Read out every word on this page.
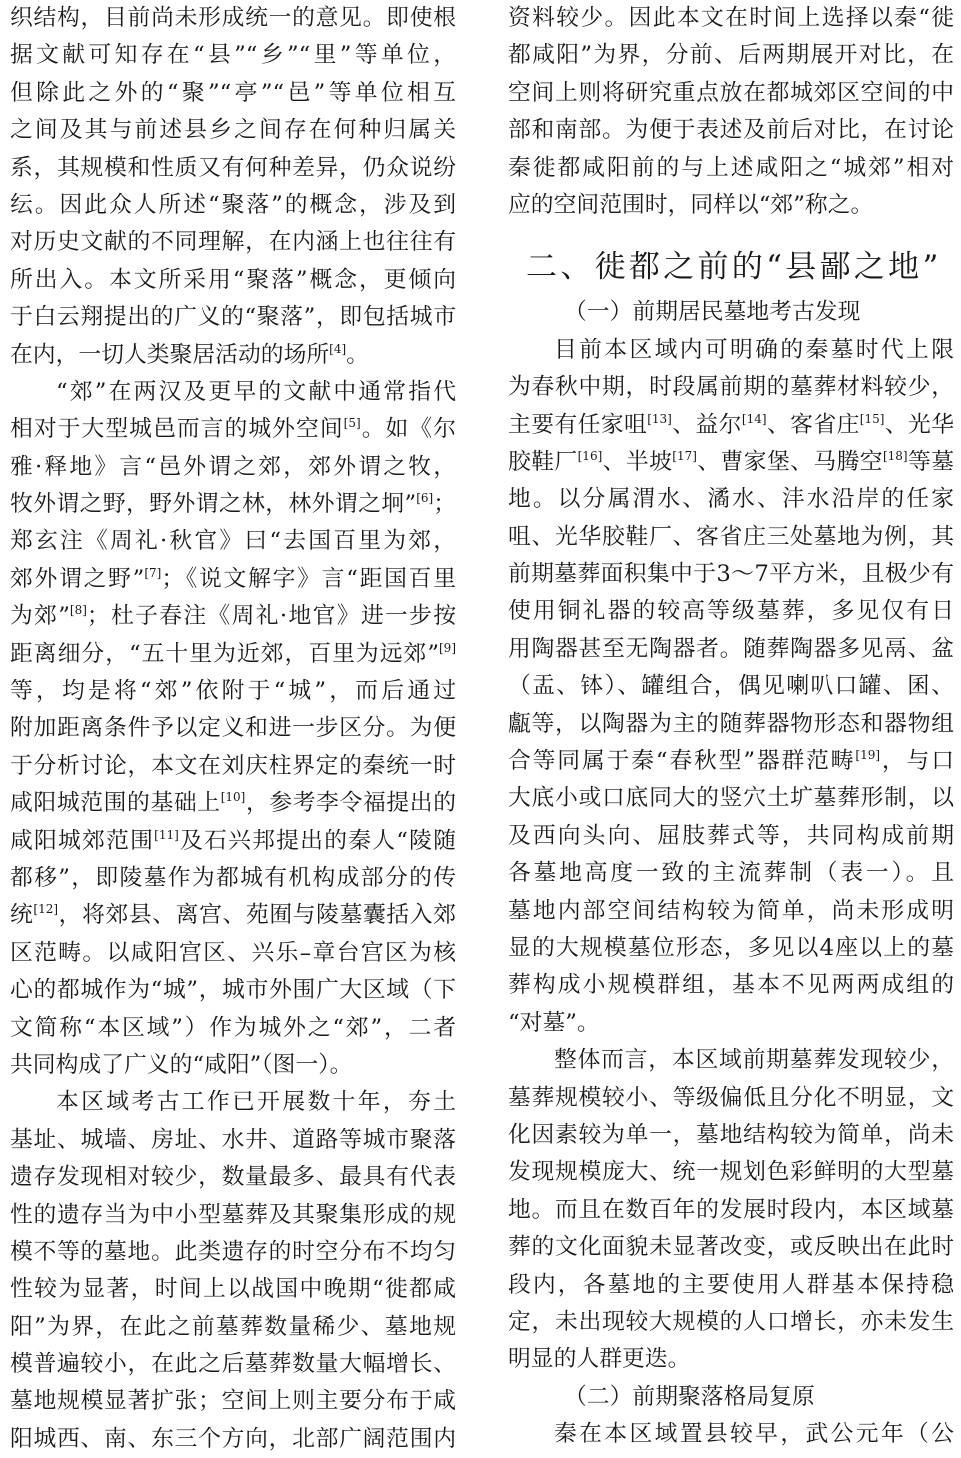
织结构，目前尚未形成统一的意见。即使根
据文献可知存在“县”“乡”“里”等单位，
但除此之外的“聚”“亭”“邑”等单位相互
之间及其与前述县乡之间存在何种归属关
系，其规模和性质又有何种差异，仍众说纷
纭。因此众人所述“聚落”的概念，涉及到
对历史文献的不同理解，在内涵上也往往有
所出入。本文所采用“聚落”概念，更倾向
于白云翔提出的广义的“聚落”，即包括城市
在内，一切人类聚居活动的场所[4]。
“郊”在两汉及更早的文献中通常指代
相对于大型城邑而言的城外空间[5]。如《尔
雅·释地》言“邑外谓之郊，郊外谓之牧，
牧外谓之野，野外谓之林，林外谓之坰”[6]；
郑玄注《周礼·秋官》曰“去国百里为郊，
郊外谓之野”[7]；《说文解字》言“距国百里
为郊”[8]；杜子春注《周礼·地官》进一步按
距离细分，“五十里为近郊，百里为远郊”[9]
等，均是将“郊”依附于“城”，而后通过
附加距离条件予以定义和进一步区分。为便
于分析讨论，本文在刘庆柱界定的秦统一时
咸阳城范围的基础上[10]，参考李令福提出的
咸阳城郊范围[11]及石兴邦提出的秦人“陵随
都移”，即陵墓作为都城有机构成部分的传
统[12]，将郊县、离宫、苑囿与陵墓囊括入郊
区范畴。以咸阳宫区、兴乐–章台宫区为核
心的都城作为“城”，城市外围广大区域（下
文简称“本区域”）作为城外之“郊”，二者
共同构成了广义的“咸阳”（图一）。
本区域考古工作已开展数十年，夯土
基址、城墙、房址、水井、道路等城市聚落
遗存发现相对较少，数量最多、最具有代表
性的遗存当为中小型墓葬及其聚集形成的规
模不等的墓地。此类遗存的时空分布不均匀
性较为显著，时间上以战国中晚期“徙都咸
阳”为界，在此之前墓葬数量稀少、墓地规
模普遍较小，在此之后墓葬数量大幅增长、
墓地规模显著扩张；空间上则主要分布于咸
阳城西、南、东三个方向，北部广阔范围内
资料较少。因此本文在时间上选择以秦“徙
都咸阳”为界，分前、后两期展开对比，在
空间上则将研究重点放在都城郊区空间的中
部和南部。为便于表述及前后对比，在讨论
秦徙都咸阳前的与上述咸阳之“城郊”相对
应的空间范围时，同样以“郊”称之。
二、徙都之前的“县鄙之地”
（一）前期居民墓地考古发现
目前本区域内可明确的秦墓时代上限
为春秋中期，时段属前期的墓葬材料较少，
主要有任家咀[13]、益尔[14]、客省庄[15]、光华
胶鞋厂[16]、半坡[17]、曹家堡、马腾空[18]等墓
地。以分属渭水、潏水、沣水沿岸的任家
咀、光华胶鞋厂、客省庄三处墓地为例，其
前期墓葬面积集中于3～7平方米，且极少有
使用铜礼器的较高等级墓葬，多见仅有日
用陶器甚至无陶器者。随葬陶器多见鬲、盆
（盂、钵）、罐组合，偶见喇叭口罐、囷、
甗等，以陶器为主的随葬器物形态和器物组
合等同属于秦“春秋型”器群范畴[19]，与口
大底小或口底同大的竖穴土圹墓葬形制，以
及西向头向、屈肢葬式等，共同构成前期
各墓地高度一致的主流葬制（表一）。且
墓地内部空间结构较为简单，尚未形成明
显的大规模墓位形态，多见以4座以上的墓
葬构成小规模群组，基本不见两两成组的
“对墓”。
整体而言，本区域前期墓葬发现较少，
墓葬规模较小、等级偏低且分化不明显，文
化因素较为单一，墓地结构较为简单，尚未
发现规模庞大、统一规划色彩鲜明的大型墓
地。而且在数百年的发展时段内，本区域墓
葬的文化面貌未显著改变，或反映出在此时
段内，各墓地的主要使用人群基本保持稳
定，未出现较大规模的人口增长，亦未发生
明显的人群更迭。
（二）前期聚落格局复原
秦在本区域置县较早，武公元年（公
